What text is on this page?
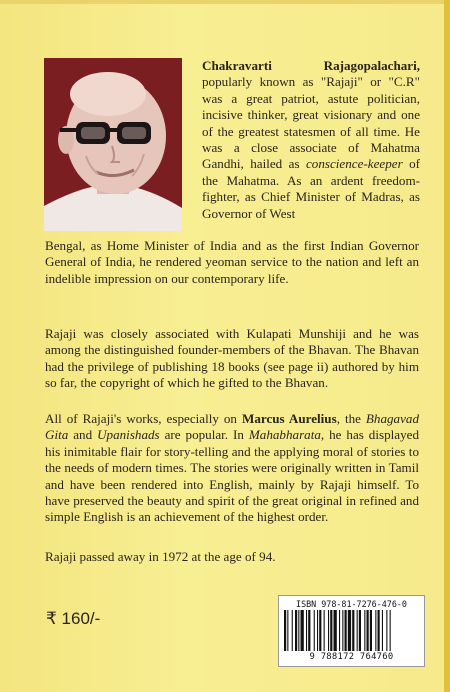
Chakravarti Rajagopalachari, popularly known as "Rajaji" or "C.R" was a great patriot, astute politician, incisive thinker, great visionary and one of the greatest statesmen of all time. He was a close associate of Mahatma Gandhi, hailed as conscience-keeper of the Mahatma. As an ardent freedom-fighter, as Chief Minister of Madras, as Governor of West
Bengal, as Home Minister of India and as the first Indian Governor General of India, he rendered yeoman service to the nation and left an indelible impression on our contemporary life.
Rajaji was closely associated with Kulapati Munshiji and he was among the distinguished founder-members of the Bhavan. The Bhavan had the privilege of publishing 18 books (see page ii) authored by him so far, the copyright of which he gifted to the Bhavan.
All of Rajaji's works, especially on Marcus Aurelius, the Bhagavad Gita and Upanishads are popular. In Mahabharata, he has displayed his inimitable flair for story-telling and the applying moral of stories to the needs of modern times. The stories were originally written in Tamil and have been rendered into English, mainly by Rajaji himself. To have preserved the beauty and spirit of the great original in refined and simple English is an achievement of the highest order.
Rajaji passed away in 1972 at the age of 94.
₹ 160/-
ISBN 978-81-7276-476-0
9 788172 764760
